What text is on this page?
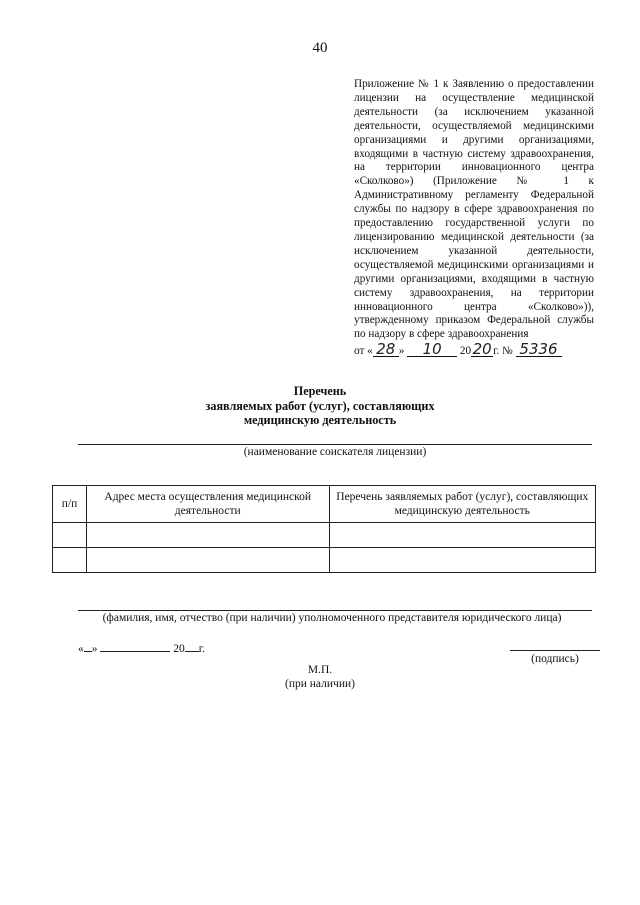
40
Приложение № 1 к Заявлению о предоставлении лицензии на осуществление медицинской деятельности (за исключением указанной деятельности, осуществляемой медицинскими организациями и другими организациями, входящими в частную систему здравоохранения, на территории инновационного центра «Сколково») (Приложение № 1 к Административному регламенту Федеральной службы по надзору в сфере здравоохранения по предоставлению государственной услуги по лицензированию медицинской деятельности (за исключением указанной деятельности, осуществляемой медицинскими организациями и другими организациями, входящими в частную систему здравоохранения, на территории инновационного центра «Сколково»)), утвержденному приказом Федеральной службы по надзору в сфере здравоохранения
от « 28 » 10 2020г. № 5336
Перечень
заявляемых работ (услуг), составляющих
медицинскую деятельность
(наименование соискателя лицензии)
п/п	Адрес места осуществления медицинской деятельности	Перечень заявляемых работ (услуг), составляющих медицинскую деятельность

(фамилия, имя, отчество (при наличии) уполномоченного представителя юридического лица)
« »	20 г.
(подпись)
М.П.
(при наличии)
